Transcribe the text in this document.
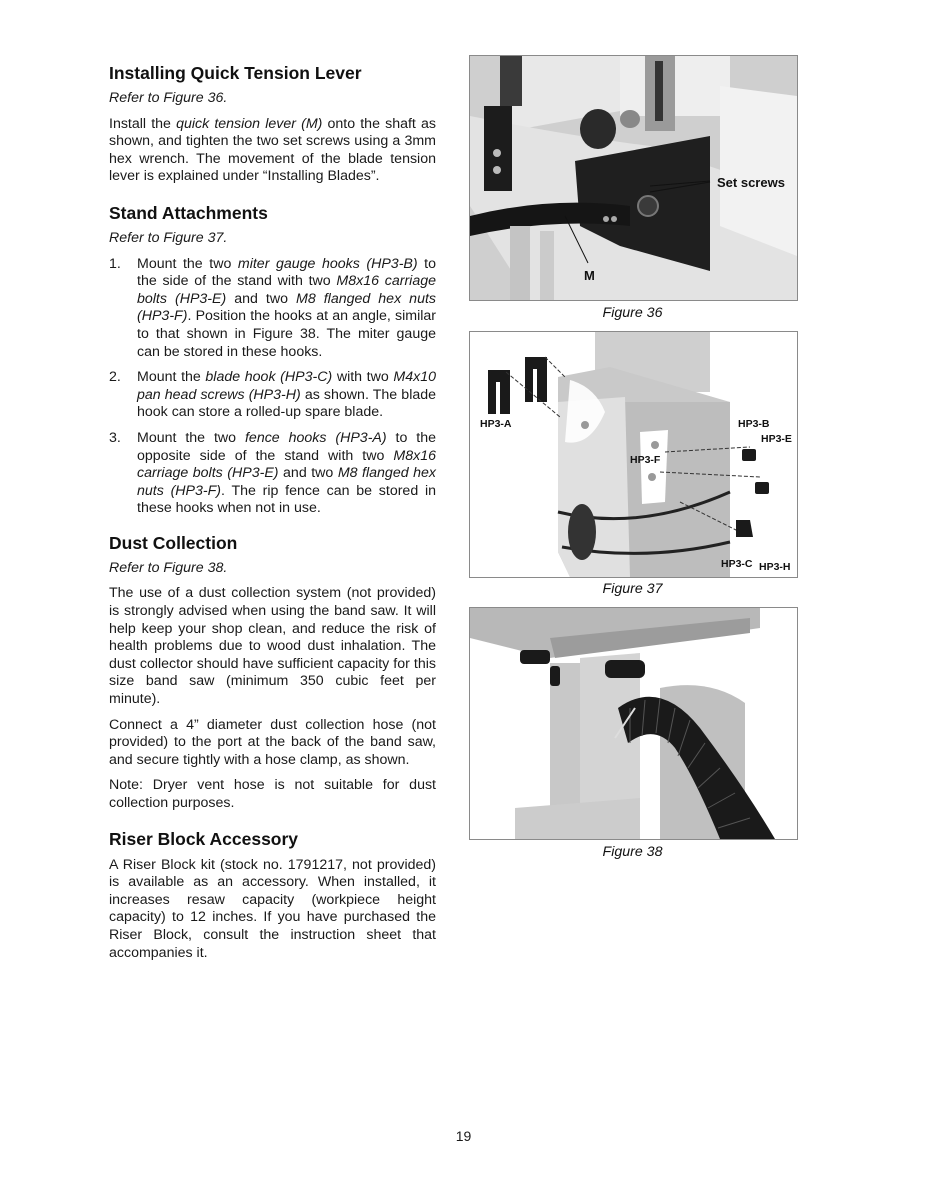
Installing Quick Tension Lever

Refer to Figure 36.

Install the quick tension lever (M) onto the shaft as shown, and tighten the two set screws using a 3mm hex wrench. The movement of the blade tension lever is explained under “Installing Blades”.

Stand Attachments

Refer to Figure 37.

1. Mount the two miter gauge hooks (HP3-B) to the side of the stand with two M8x16 carriage bolts (HP3-E) and two M8 flanged hex nuts (HP3-F). Position the hooks at an angle, similar to that shown in Figure 38. The miter gauge can be stored in these hooks.
2. Mount the blade hook (HP3-C) with two M4x10 pan head screws (HP3-H) as shown. The blade hook can store a rolled-up spare blade.
3. Mount the two fence hooks (HP3-A) to the opposite side of the stand with two M8x16 carriage bolts (HP3-E) and two M8 flanged hex nuts (HP3-F). The rip fence can be stored in these hooks when not in use.
Dust Collection

Refer to Figure 38.

The use of a dust collection system (not provided) is strongly advised when using the band saw. It will help keep your shop clean, and reduce the risk of health problems due to wood dust inhalation. The dust collector should have sufficient capacity for this size band saw (minimum 350 cubic feet per minute).

Connect a 4” diameter dust collection hose (not provided) to the port at the back of the band saw, and secure tightly with a hose clamp, as shown.

Note: Dryer vent hose is not suitable for dust collection purposes.

Riser Block Accessory

A Riser Block kit (stock no. 1791217, not provided) is available as an accessory. When installed, it increases resaw capacity (workpiece height capacity) to 12 inches. If you have purchased the Riser Block, consult the instruction sheet that accompanies it.

Set screws
M
Figure 36
HP3-A	HP3-B
HP3-E
HP3-F
HP3-C HP3-H
Figure 37
Figure 38
19
